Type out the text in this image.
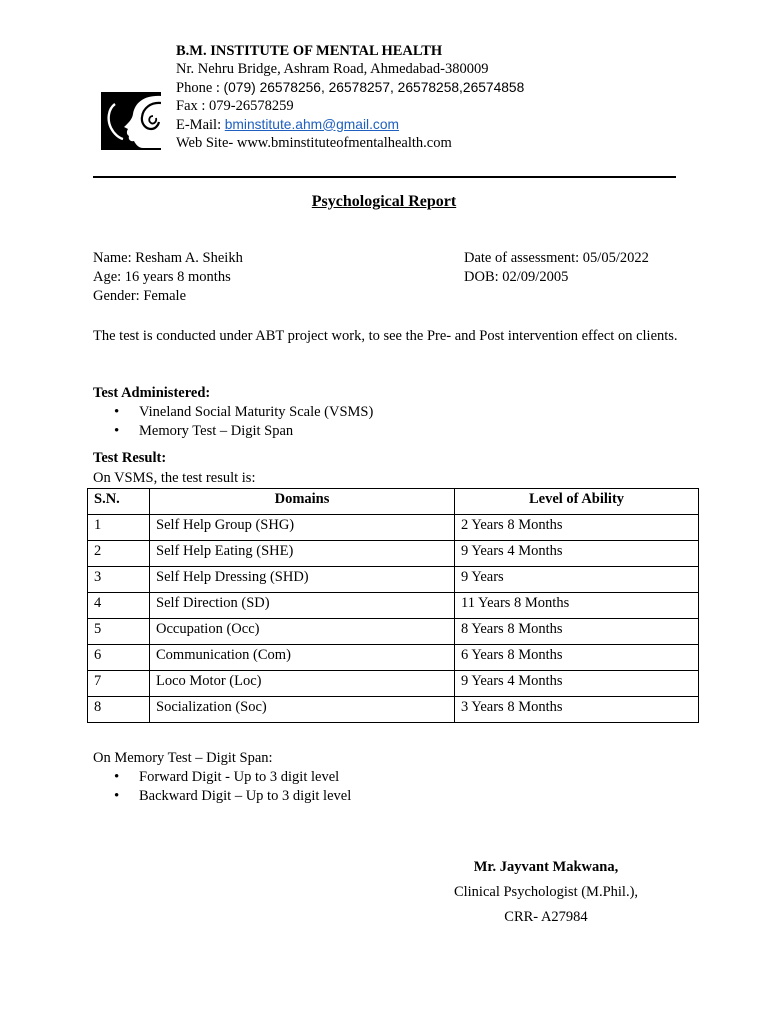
B.M. INSTITUTE OF MENTAL HEALTH
Nr. Nehru Bridge, Ashram Road, Ahmedabad-380009
Phone : (079) 26578256, 26578257, 26578258,26574858
Fax : 079-26578259
E-Mail: bminstitute.ahm@gmail.com
Web Site- www.bminstituteofmentalhealth.com
Psychological Report
Name: Resham A. Sheikh
Age: 16 years 8 months
Gender: Female
Date of assessment: 05/05/2022
DOB: 02/09/2005
The test is conducted under ABT project work, to see the Pre- and Post intervention effect on clients.
Test Administered:
• Vineland Social Maturity Scale (VSMS)
• Memory Test – Digit Span
Test Result:
On VSMS, the test result is:
S.N.	Domains	Level of Ability
1	Self Help Group (SHG)	2 Years 8 Months
2	Self Help Eating (SHE)	9 Years 4 Months
3	Self Help Dressing (SHD)	9 Years
4	Self Direction (SD)	11 Years 8 Months
5	Occupation (Occ)	8 Years 8 Months
6	Communication (Com)	6 Years 8 Months
7	Loco Motor (Loc)	9 Years 4 Months
8	Socialization (Soc)	3 Years 8 Months
On Memory Test – Digit Span:
• Forward Digit - Up to 3 digit level
• Backward Digit – Up to 3 digit level
Mr. Jayvant Makwana,
Clinical Psychologist (M.Phil.),
CRR- A27984
